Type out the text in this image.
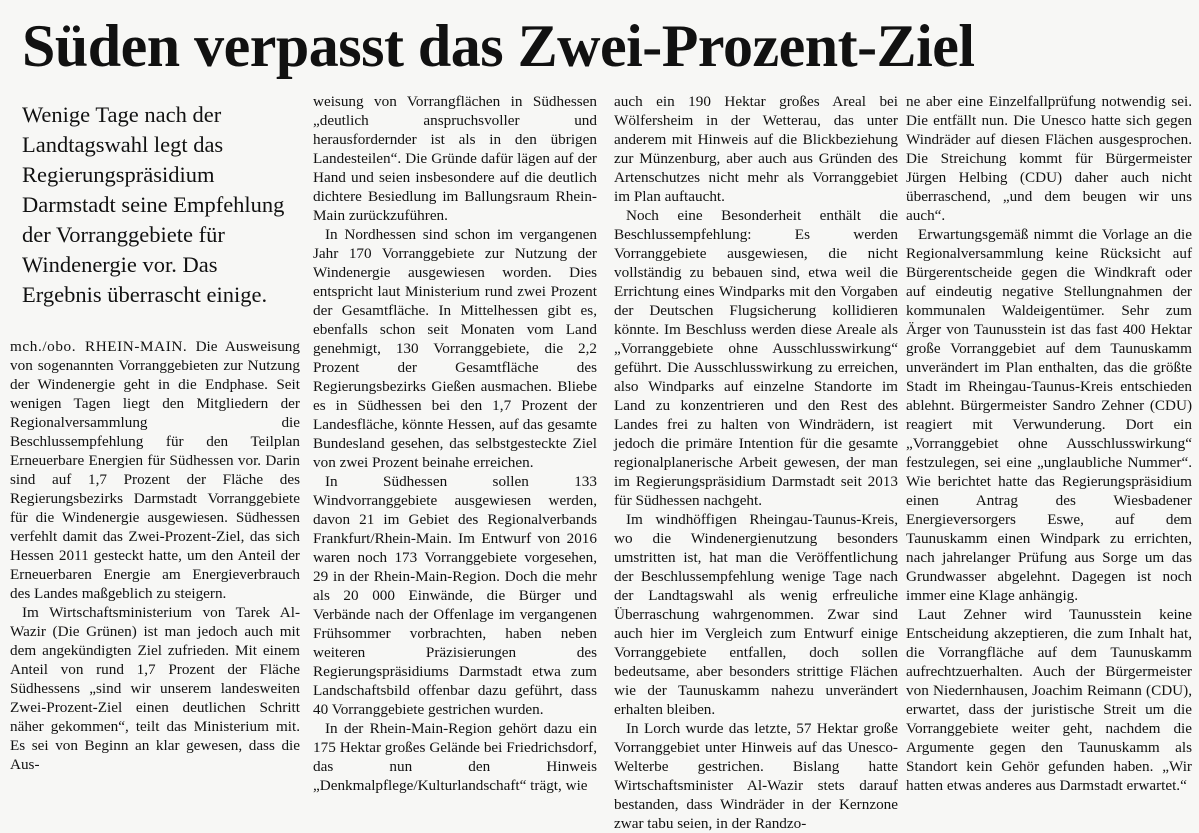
Süden verpasst das Zwei-Prozent-Ziel
Wenige Tage nach der Landtagswahl legt das Regierungspräsidium Darmstadt seine Empfehlung der Vorranggebiete für Windenergie vor. Das Ergebnis überrascht einige.

mch./obo. RHEIN-MAIN. Die Ausweisung von sogenannten Vorranggebieten zur Nutzung der Windenergie geht in die Endphase. Seit wenigen Tagen liegt den Mitgliedern der Regionalversammlung die Beschlussempfehlung für den Teilplan Erneuerbare Energien für Südhessen vor. Darin sind auf 1,7 Prozent der Fläche des Regierungsbezirks Darmstadt Vorranggebiete für die Windenergie ausgewiesen. Südhessen verfehlt damit das Zwei-Prozent-Ziel, das sich Hessen 2011 gesteckt hatte, um den Anteil der Erneuerbaren Energie am Energieverbrauch des Landes maßgeblich zu steigern.

Im Wirtschaftsministerium von Tarek Al-Wazir (Die Grünen) ist man jedoch auch mit dem angekündigten Ziel zufrieden. Mit einem Anteil von rund 1,7 Prozent der Fläche Südhessens „sind wir unserem landesweiten Zwei-Prozent-Ziel einen deutlichen Schritt näher gekommen“, teilt das Ministerium mit. Es sei von Beginn an klar gewesen, dass die Aus-

weisung von Vorrangflächen in Südhessen „deutlich anspruchsvoller und herausfordernder ist als in den übrigen Landesteilen“. Die Gründe dafür lägen auf der Hand und seien insbesondere auf die deutlich dichtere Besiedlung im Ballungsraum Rhein-Main zurückzuführen.

In Nordhessen sind schon im vergangenen Jahr 170 Vorranggebiete zur Nutzung der Windenergie ausgewiesen worden. Dies entspricht laut Ministerium rund zwei Prozent der Gesamtfläche. In Mittelhessen gibt es, ebenfalls schon seit Monaten vom Land genehmigt, 130 Vorranggebiete, die 2,2 Prozent der Gesamtfläche des Regierungsbezirks Gießen ausmachen. Bliebe es in Südhessen bei den 1,7 Prozent der Landesfläche, könnte Hessen, auf das gesamte Bundesland gesehen, das selbstgesteckte Ziel von zwei Prozent beinahe erreichen.

In Südhessen sollen 133 Windvorranggebiete ausgewiesen werden, davon 21 im Gebiet des Regionalverbands Frankfurt/Rhein-Main. Im Entwurf von 2016 waren noch 173 Vorranggebiete vorgesehen, 29 in der Rhein-Main-Region. Doch die mehr als 20 000 Einwände, die Bürger und Verbände nach der Offenlage im vergangenen Frühsommer vorbrachten, haben neben weiteren Präzisierungen des Regierungspräsidiums Darmstadt etwa zum Landschaftsbild offenbar dazu geführt, dass 40 Vorranggebiete gestrichen wurden.

In der Rhein-Main-Region gehört dazu ein 175 Hektar großes Gelände bei Friedrichsdorf, das nun den Hinweis „Denkmalpflege/Kulturlandschaft“ trägt, wie

auch ein 190 Hektar großes Areal bei Wölfersheim in der Wetterau, das unter anderem mit Hinweis auf die Blickbeziehung zur Münzenburg, aber auch aus Gründen des Artenschutzes nicht mehr als Vorranggebiet im Plan auftaucht.

Noch eine Besonderheit enthält die Beschlussempfehlung: Es werden Vorranggebiete ausgewiesen, die nicht vollständig zu bebauen sind, etwa weil die Errichtung eines Windparks mit den Vorgaben der Deutschen Flugsicherung kollidieren könnte. Im Beschluss werden diese Areale als „Vorranggebiete ohne Ausschlusswirkung“ geführt. Die Ausschlusswirkung zu erreichen, also Windparks auf einzelne Standorte im Land zu konzentrieren und den Rest des Landes frei zu halten von Windrädern, ist jedoch die primäre Intention für die gesamte regionalplanerische Arbeit gewesen, der man im Regierungspräsidium Darmstadt seit 2013 für Südhessen nachgeht.

Im windhöffigen Rheingau-Taunus-Kreis, wo die Windenergienutzung besonders umstritten ist, hat man die Veröffentlichung der Beschlussempfehlung wenige Tage nach der Landtagswahl als wenig erfreuliche Überraschung wahrgenommen. Zwar sind auch hier im Vergleich zum Entwurf einige Vorranggebiete entfallen, doch sollen bedeutsame, aber besonders strittige Flächen wie der Taunuskamm nahezu unverändert erhalten bleiben.

In Lorch wurde das letzte, 57 Hektar große Vorranggebiet unter Hinweis auf das Unesco-Welterbe gestrichen. Bislang hatte Wirtschaftsminister Al-Wazir stets darauf bestanden, dass Windräder in der Kernzone zwar tabu seien, in der Randzo-

ne aber eine Einzelfallprüfung notwendig sei. Die entfällt nun. Die Unesco hatte sich gegen Windräder auf diesen Flächen ausgesprochen. Die Streichung kommt für Bürgermeister Jürgen Helbing (CDU) daher auch nicht überraschend, „und dem beugen wir uns auch“.

Erwartungsgemäß nimmt die Vorlage an die Regionalversammlung keine Rücksicht auf Bürgerentscheide gegen die Windkraft oder auf eindeutig negative Stellungnahmen der kommunalen Waldeigentümer. Sehr zum Ärger von Taunusstein ist das fast 400 Hektar große Vorranggebiet auf dem Taunuskamm unverändert im Plan enthalten, das die größte Stadt im Rheingau-Taunus-Kreis entschieden ablehnt. Bürgermeister Sandro Zehner (CDU) reagiert mit Verwunderung. Dort ein „Vorranggebiet ohne Ausschlusswirkung“ festzulegen, sei eine „unglaubliche Nummer“. Wie berichtet hatte das Regierungspräsidium einen Antrag des Wiesbadener Energieversorgers Eswe, auf dem Taunuskamm einen Windpark zu errichten, nach jahrelanger Prüfung aus Sorge um das Grundwasser abgelehnt. Dagegen ist noch immer eine Klage anhängig.

Laut Zehner wird Taunusstein keine Entscheidung akzeptieren, die zum Inhalt hat, die Vorrangfläche auf dem Taunuskamm aufrechtzuerhalten. Auch der Bürgermeister von Niedernhausen, Joachim Reimann (CDU), erwartet, dass der juristische Streit um die Vorranggebiete weiter geht, nachdem die Argumente gegen den Taunuskamm als Standort kein Gehör gefunden haben. „Wir hatten etwas anderes aus Darmstadt erwartet.“
